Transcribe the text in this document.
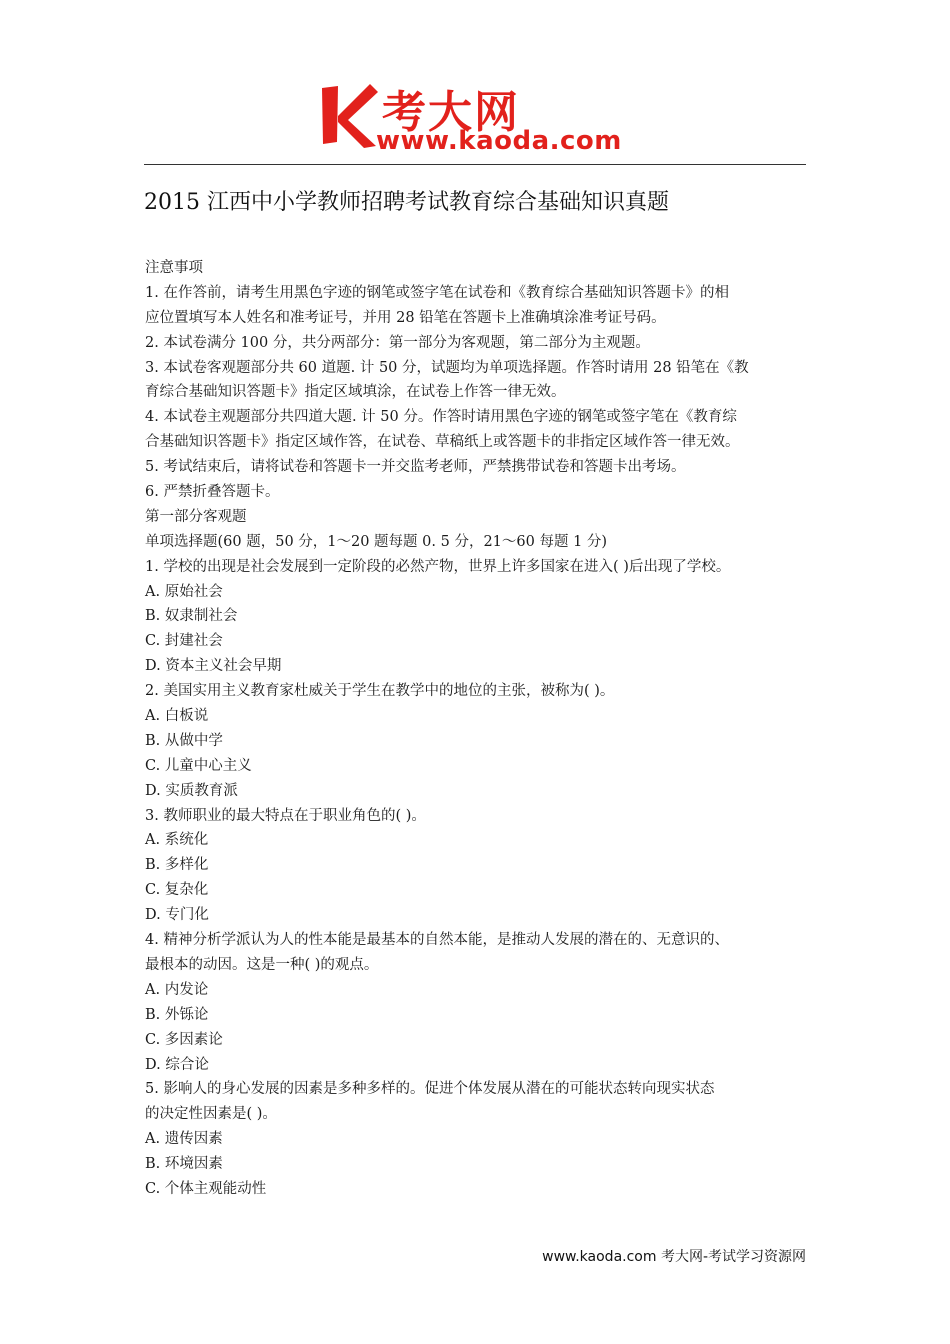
考大网
www.kaoda.com
2015 江西中小学教师招聘考试教育综合基础知识真题
注意事项
1. 在作答前，请考生用黑色字迹的钢笔或签字笔在试卷和《教育综合基础知识答题卡》的相
应位置填写本人姓名和准考证号，并用 28 铅笔在答题卡上准确填涂准考证号码。
2. 本试卷满分 100 分，共分两部分：第一部分为客观题，第二部分为主观题。
3. 本试卷客观题部分共 60 道题. 计 50 分，试题均为单项选择题。作答时请用 28 铅笔在《教
育综合基础知识答题卡》指定区域填涂，在试卷上作答一律无效。
4. 本试卷主观题部分共四道大题. 计 50 分。作答时请用黑色字迹的钢笔或签字笔在《教育综
合基础知识答题卡》指定区域作答，在试卷、草稿纸上或答题卡的非指定区域作答一律无效。
5. 考试结束后，请将试卷和答题卡一并交监考老师，严禁携带试卷和答题卡出考场。
6. 严禁折叠答题卡。
第一部分客观题
单项选择题(60 题，50 分，1～20 题每题 0. 5 分，21～60 每题 1 分)
1. 学校的出现是社会发展到一定阶段的必然产物，世界上许多国家在进入( )后出现了学校。
A. 原始社会
B. 奴隶制社会
C. 封建社会
D. 资本主义社会早期
2. 美国实用主义教育家杜威关于学生在教学中的地位的主张，被称为( )。
A. 白板说
B. 从做中学
C. 儿童中心主义
D. 实质教育派
3. 教师职业的最大特点在于职业角色的( )。
A. 系统化
B. 多样化
C. 复杂化
D. 专门化
4. 精神分析学派认为人的性本能是最基本的自然本能，是推动人发展的潜在的、无意识的、
最根本的动因。这是一种( )的观点。
A. 内发论
B. 外铄论
C. 多因素论
D. 综合论
5. 影响人的身心发展的因素是多种多样的。促进个体发展从潜在的可能状态转向现实状态
的决定性因素是( )。
A. 遗传因素
B. 环境因素
C. 个体主观能动性
www.kaoda.com 考大网-考试学习资源网
